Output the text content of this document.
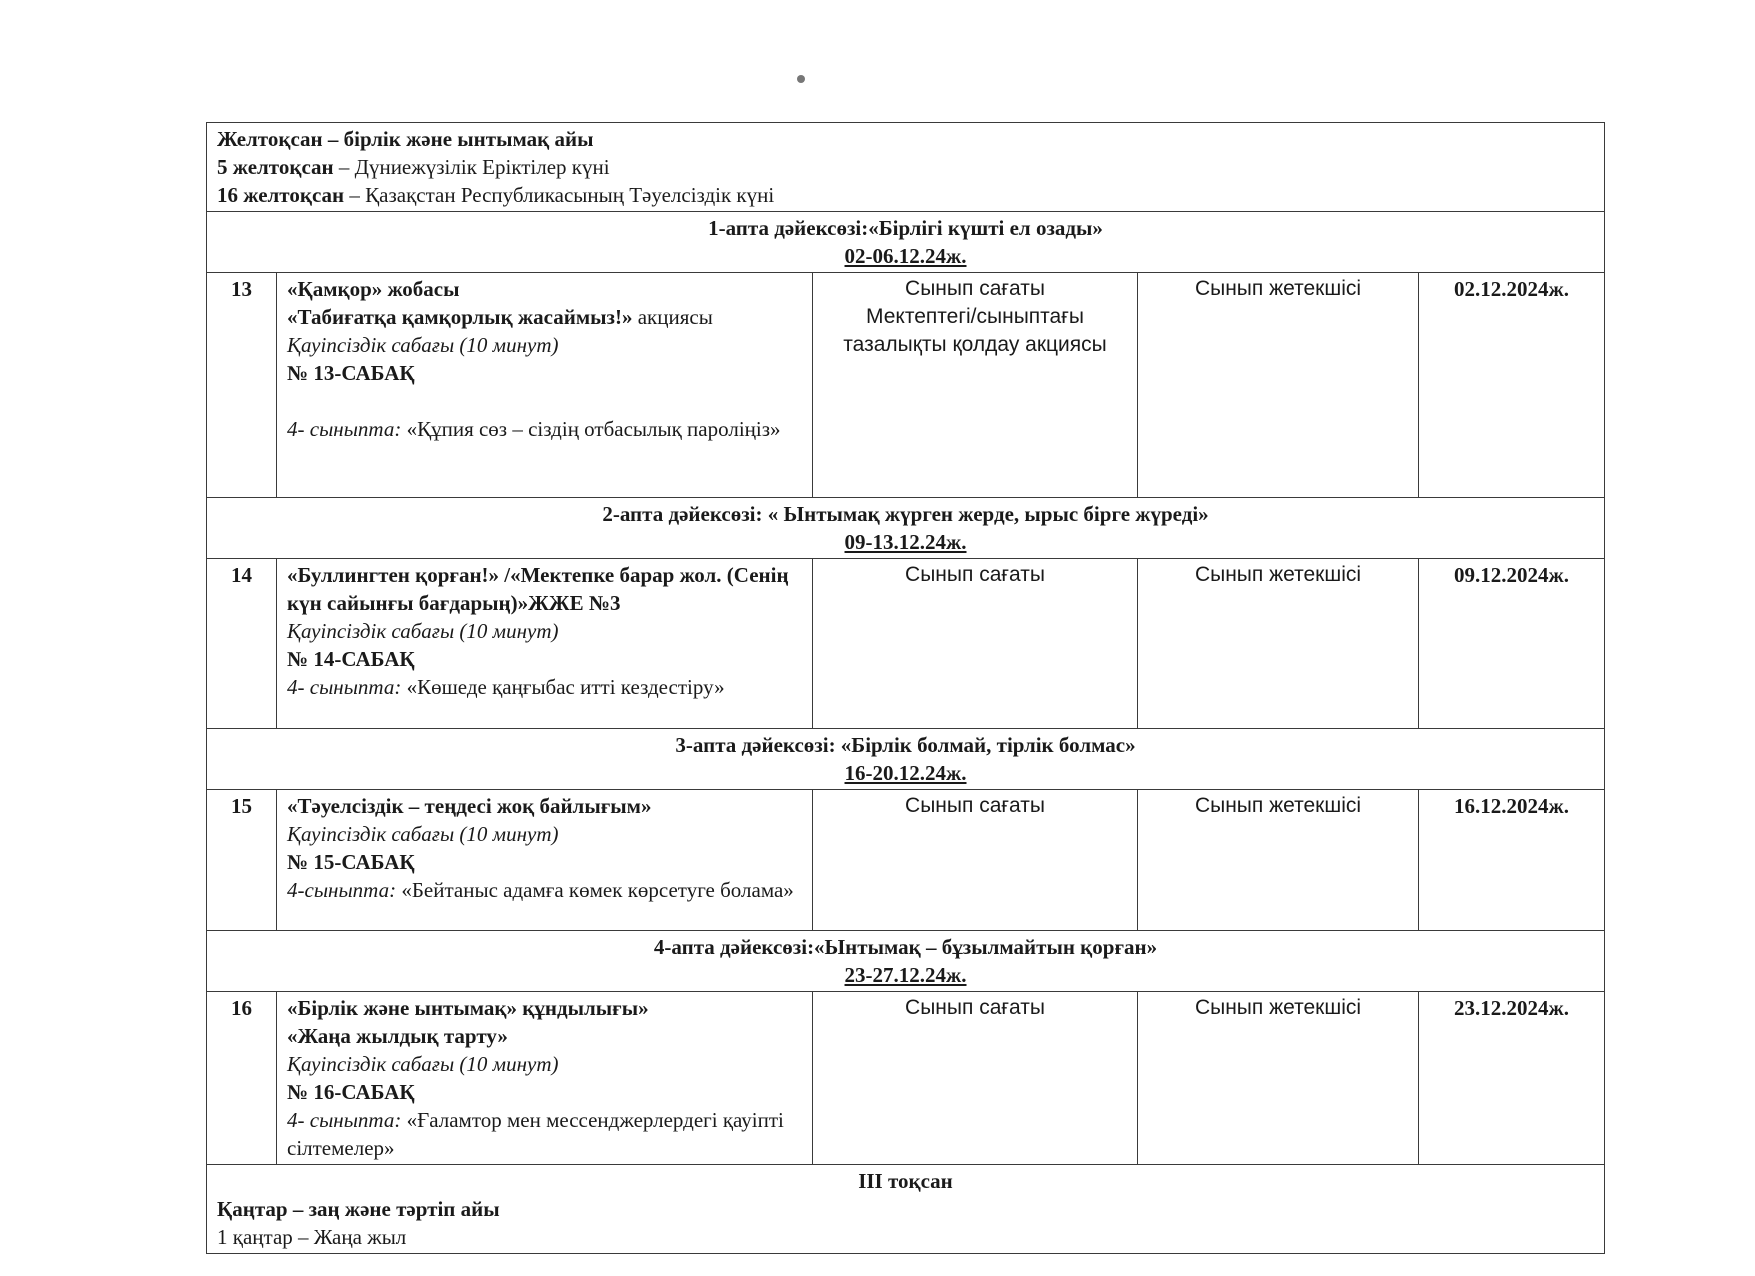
Желтоқсан – бірлік және ынтымақ айы
5 желтоқсан – Дүниежүзілік Еріктілер күні
16 желтоқсан – Қазақстан Республикасының Тәуелсіздік күні				

1-апта дәйексөзі:«Бірлігі күшті ел озады»
02-06.12.24ж.				

13	«Қамқор» жобасы
«Табиғатқа қамқорлық жасаймыз!» акциясы
Қауіпсіздік сабағы (10 минут)
№ 13-САБАҚ
4- сыныпта: «Құпия сөз – сіздің отбасылық пароліңіз»	Сынып сағаты
Мектептегі/сыныптағы тазалықты қолдау акциясы	Сынып жетекшісі	02.12.2024ж.

2-апта дәйексөзі: « Ынтымақ жүрген жерде, ырыс бірге жүреді»
09-13.12.24ж.				

14	«Буллингтен қорған!» /«Мектепке барар жол. (Сенің күн сайынғы бағдарың)»ЖЖЕ №3
Қауіпсіздік сабағы (10 минут)
№ 14-САБАҚ
4- сыныпта: «Көшеде қаңғыбас итті кездестіру»	Сынып сағаты	Сынып жетекшісі	09.12.2024ж.

3-апта дәйексөзі: «Бірлік болмай, тірлік болмас»
16-20.12.24ж.				

15	«Тәуелсіздік – теңдесі жоқ байлығым»
Қауіпсіздік сабағы (10 минут)
№ 15-САБАҚ
4-сыныпта: «Бейтаныс адамға көмек көрсетуге болама»	Сынып сағаты	Сынып жетекшісі	16.12.2024ж.

4-апта дәйексөзі:«Ынтымақ – бұзылмайтын қорған»
23-27.12.24ж.				

16	«Бірлік және ынтымақ» құндылығы»
«Жаңа жылдық тарту»
Қауіпсіздік сабағы (10 минут)
№ 16-САБАҚ
4- сыныпта: «Ғаламтор мен мессенджерлердегі қауіпті сілтемелер»	Сынып сағаты	Сынып жетекшісі	23.12.2024ж.

ІІІ тоқсан
Қаңтар – заң және тәртіп айы
1 қаңтар – Жаңа жыл				
